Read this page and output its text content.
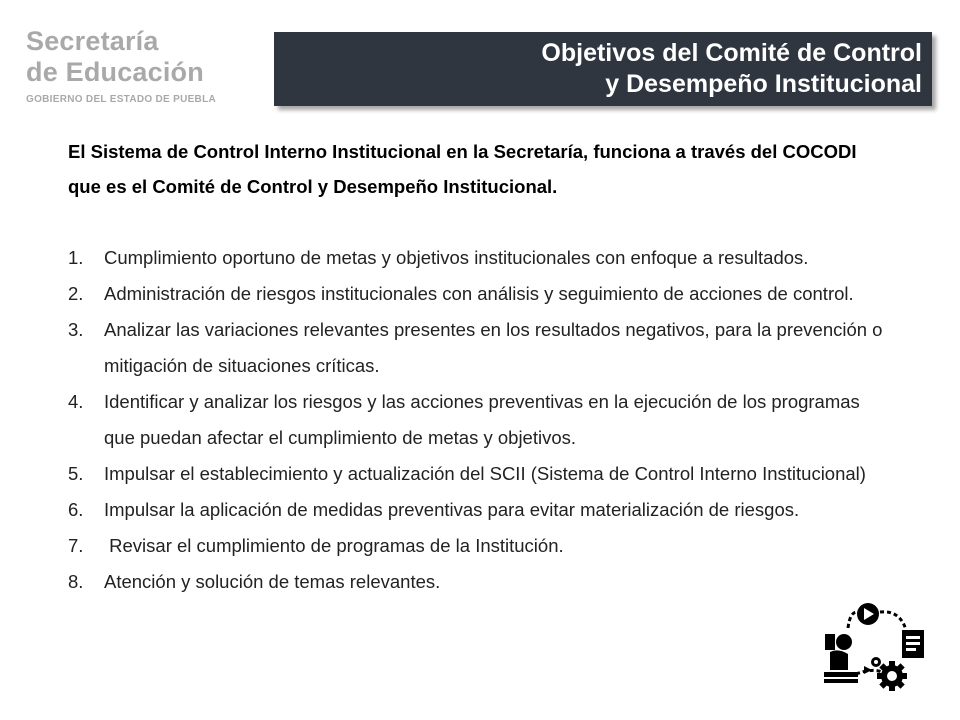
Secretaría
de Educación
GOBIERNO DEL ESTADO DE PUEBLA
Objetivos del Comité de Control
y Desempeño Institucional
El Sistema de Control Interno Institucional en la Secretaría, funciona a través del COCODI que es el Comité de Control y Desempeño Institucional.
1.	Cumplimiento oportuno de metas y objetivos institucionales con enfoque a resultados.
2.	Administración de riesgos institucionales con análisis y seguimiento de acciones de control.
3.	Analizar las variaciones relevantes presentes en los resultados negativos, para la prevención o mitigación de situaciones críticas.
4.	Identificar y analizar los riesgos y las acciones preventivas en la ejecución de los programas que puedan afectar el cumplimiento de metas y objetivos.
5.	Impulsar el establecimiento y actualización del SCII (Sistema de Control Interno Institucional)
6.	Impulsar la aplicación de medidas preventivas para evitar materialización de riesgos.
7.	Revisar el cumplimiento de programas de la Institución.
8.	Atención y solución de temas relevantes.
